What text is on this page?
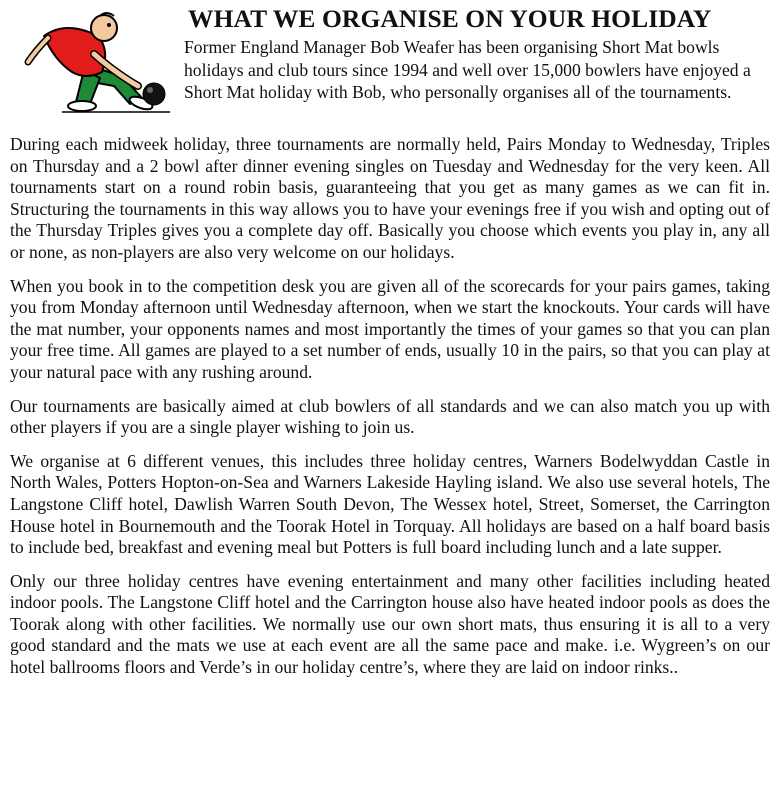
WHAT WE ORGANISE ON YOUR HOLIDAY

Former England Manager Bob Weafer has been organising Short Mat bowls holidays and club tours since 1994 and well over 15,000 bowlers have enjoyed a Short Mat holiday with Bob, who personally organises all of the tournaments.

During each midweek holiday, three tournaments are normally held, Pairs Monday to Wednesday, Triples on Thursday and a 2 bowl after dinner evening singles on Tuesday and Wednesday for the very keen. All tournaments start on a round robin basis, guaranteeing that you get as many games as we can fit in. Structuring the tournaments in this way allows you to have your evenings free if you wish and opting out of the Thursday Triples gives you a complete day off. Basically you choose which events you play in, any all or none, as non-players are also very welcome on our holidays.

When you book in to the competition desk you are given all of the scorecards for your pairs games, taking you from Monday afternoon until Wednesday afternoon, when we start the knockouts. Your cards will have the mat number, your opponents names and most importantly the times of your games so that you can plan your free time. All games are played to a set number of ends, usually 10 in the pairs, so that you can play at your natural pace with any rushing around.

Our tournaments are basically aimed at club bowlers of all standards and we can also match you up with other players if you are a single player wishing to join us.

We organise at 6 different venues, this includes three holiday centres, Warners Bodelwyddan Castle in North Wales, Potters Hopton-on-Sea and Warners Lakeside Hayling island. We also use several hotels, The Langstone Cliff hotel, Dawlish Warren South Devon, The Wessex hotel, Street, Somerset, the Carrington House hotel in Bournemouth and the Toorak Hotel in Torquay. All holidays are based on a half board basis to include bed, breakfast and evening meal but Potters is full board including lunch and a late supper.

Only our three holiday centres have evening entertainment and many other facilities including heated indoor pools. The Langstone Cliff hotel and the Carrington house also have heated indoor pools as does the Toorak along with other facilities. We normally use our own short mats, thus ensuring it is all to a very good standard and the mats we use at each event are all the same pace and make. i.e. Wygreen’s on our hotel ballrooms floors and Verde’s in our holiday centre’s, where they are laid on indoor rinks..
